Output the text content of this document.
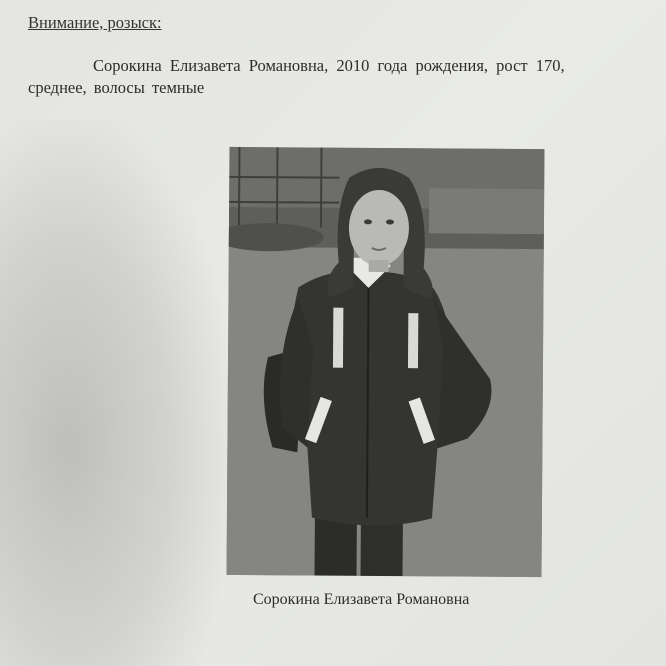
Внимание, розыск:
Сорокина Елизавета Романовна, 2010 года рождения, рост 170,
среднее, волосы темные
Сорокина Елизавета Романовна
